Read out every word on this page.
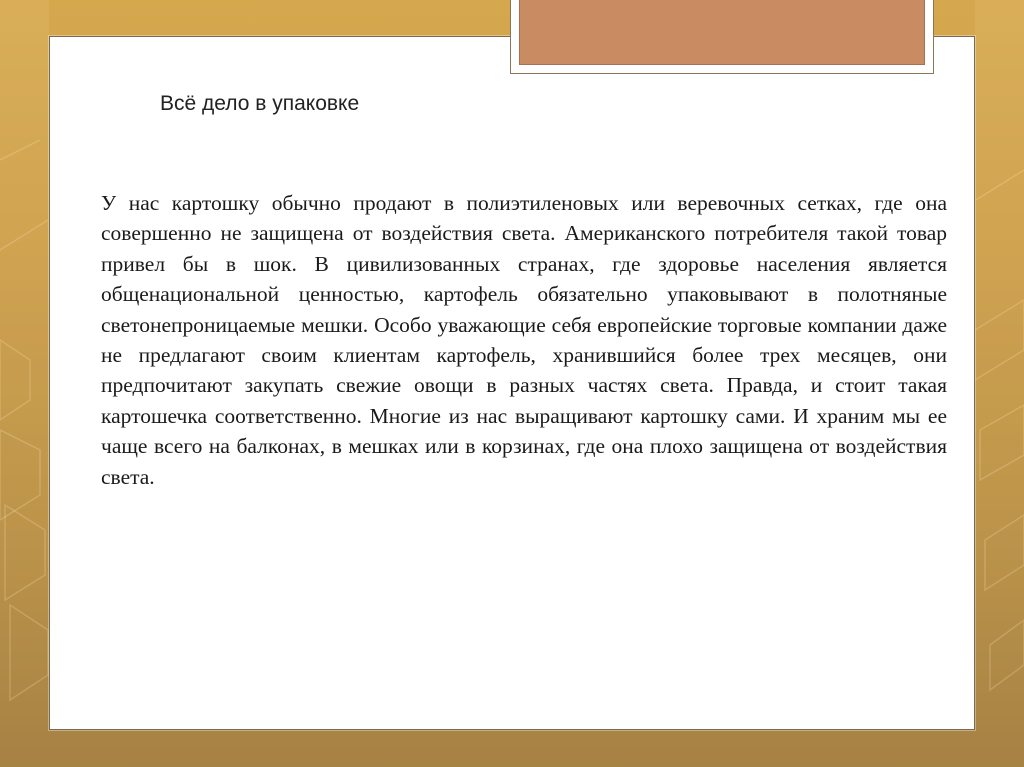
Всё дело в упаковке

У нас картошку обычно продают в полиэтиленовых или веревочных сетках, где она совершенно не защищена от воздействия света. Американского потребителя такой товар привел бы в шок. В цивилизованных странах, где здоровье населения является общенациональной ценностью, картофель обязательно упаковывают в полотняные светонепроницаемые мешки. Особо уважающие себя европейские торговые компании даже не предлагают своим клиентам картофель, хранившийся более трех месяцев, они предпочитают закупать свежие овощи в разных частях света. Правда, и стоит такая картошечка соответственно. Многие из нас выращивают картошку сами. И храним мы ее чаще всего на балконах, в мешках или в корзинах, где она плохо защищена от воздействия света.
